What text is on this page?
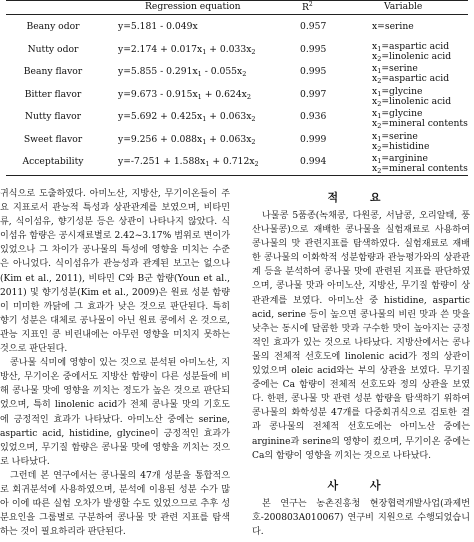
Regression equation	$R^2$	Variable
Beany odor	y=5.181 - 0.049x	0.957	x=serine
Nutty odor	$y=2.174 + 0.017x_1 + 0.033x_2$	0.995	$x_1=aspartic$ acid
$x_2=linolenic$ acid
Beany flavor	$y=5.855 - 0.291x_1 - 0.055x_2$	0.995	$x_1=serine$
$x_2=aspartic$ acid
Bitter flavor	$y=9.673 - 0.915x_1 + 0.624x_2$	0.997	$x_1=glycine$
$x_2=linolenic$ acid
Nutty flavor	$y=5.692 + 0.425x_1 + 0.063x_2$	0.936	$x_1=glycine$
$x_2=mineral$ contents
Sweet flavor	$y=9.256 + 0.088x_1 + 0.063x_2$	0.999	$x_1=serine$
$x_2=histidine$
Acceptability	$y=-7.251 + 1.588x_1 + 0.712x_2$	0.994	$x_1=arginine$
$x_2=mineral$ contents

귀식으로 도출하였다. 아미노산, 지방산, 무기이온들이 주요 지표로서 관능적 특성과 상관관계를 보였으며, 비타민류, 식이섬유, 향기성분 등은 상관이 나타나지 않았다. 식이섬유 함량은 공시재료별로 2.42~3.17% 범위로 변이가 있었으나 그 차이가 공나물의 특성에 영향을 미치는 수준은 아니었다. 식이섬유가 관능성과 관계된 보고는 없으나(Kim et al., 2011), 비타민 C와 B군 함량(Youn et al., 2011) 및 향기성분(Kim et al., 2009)은 원료 성분 함량이 미미한 까닭에 그 효과가 낮은 것으로 판단된다. 특히 향기 성분은 대체로 공나물이 아닌 원료 콩에서 온 것으로, 관능 지표인 콩 비린내에는 아무런 영향을 미치지 못하는 것으로 판단된다.

콩나물 식미에 영향이 있는 것으로 분석된 아미노산, 지방산, 무기이온 중에서도 지방산 함량이 다른 성분들에 비해 콩나물 맛에 영향을 끼치는 정도가 높은 것으로 판단되었으며, 특히 linolenic acid가 전체 콩나물 맛의 기호도에 긍정적인 효과가 나타났다. 아미노산 중에는 serine, aspartic acid, histidine, glycine이 긍정적인 효과가 있었으며, 무기질 함량은 콩나물 맛에 영향을 끼치는 것으로 나타났다.

그런데 본 연구에서는 콩나물의 47개 성분을 통합적으로 회귀분석에 사용하였으며, 분석에 이용된 성분 수가 많아 이에 따른 실험 오차가 발생할 수도 있었으므로 추후 성분요인을 그룹별로 구분하여 콩나물 맛 관련 지표를 탐색하는 것이 필요하리라 판단된다.

적 요

나물콩 5품종(녹채콩, 다원콩, 서남콩, 오리알태, 풍산나물콩)으로 재배한 콩나물을 실험재료로 사용하여 콩나물의 맛 관련지표를 탐색하였다. 실험재료로 재배한 콩나물의 이화학적 성분함량과 관능평가와의 상관관계 등을 분석하여 콩나물 맛에 관련된 지표를 판단하였으며, 콩나물 맛과 아미노산, 지방산, 무기질 함량이 상관관계를 보였다. 아미노산 중 histidine, aspartic acid, serine 등이 높으면 콩나물의 비린 맛과 쓴 맛을 낮추는 동시에 달콤한 맛과 구수한 맛이 높아지는 긍정적인 효과가 있는 것으로 나타났다. 지방산에서는 콩나물의 전체적 선호도에 linolenic acid가 정의 상관이 있었으며 oleic acid와는 부의 상관을 보였다. 무기질 중에는 Ca 함량이 전체적 선호도와 정의 상관을 보였다. 한편, 콩나물 맛 관련 성분 함량을 탐색하기 위하여 콩나물의 화학성분 47개를 다중회귀식으로 검토한 결과 콩나물의 전체적 선호도에는 아미노산 중에는 arginine과 serine의 영향이 컸으며, 무기이온 중에는 Ca의 함량이 영향을 끼치는 것으로 나타났다.

사 사

본 연구는 농촌진흥청 현장협력개발사업(과제번호-200803A010067) 연구비 지원으로 수행되었습니다.
